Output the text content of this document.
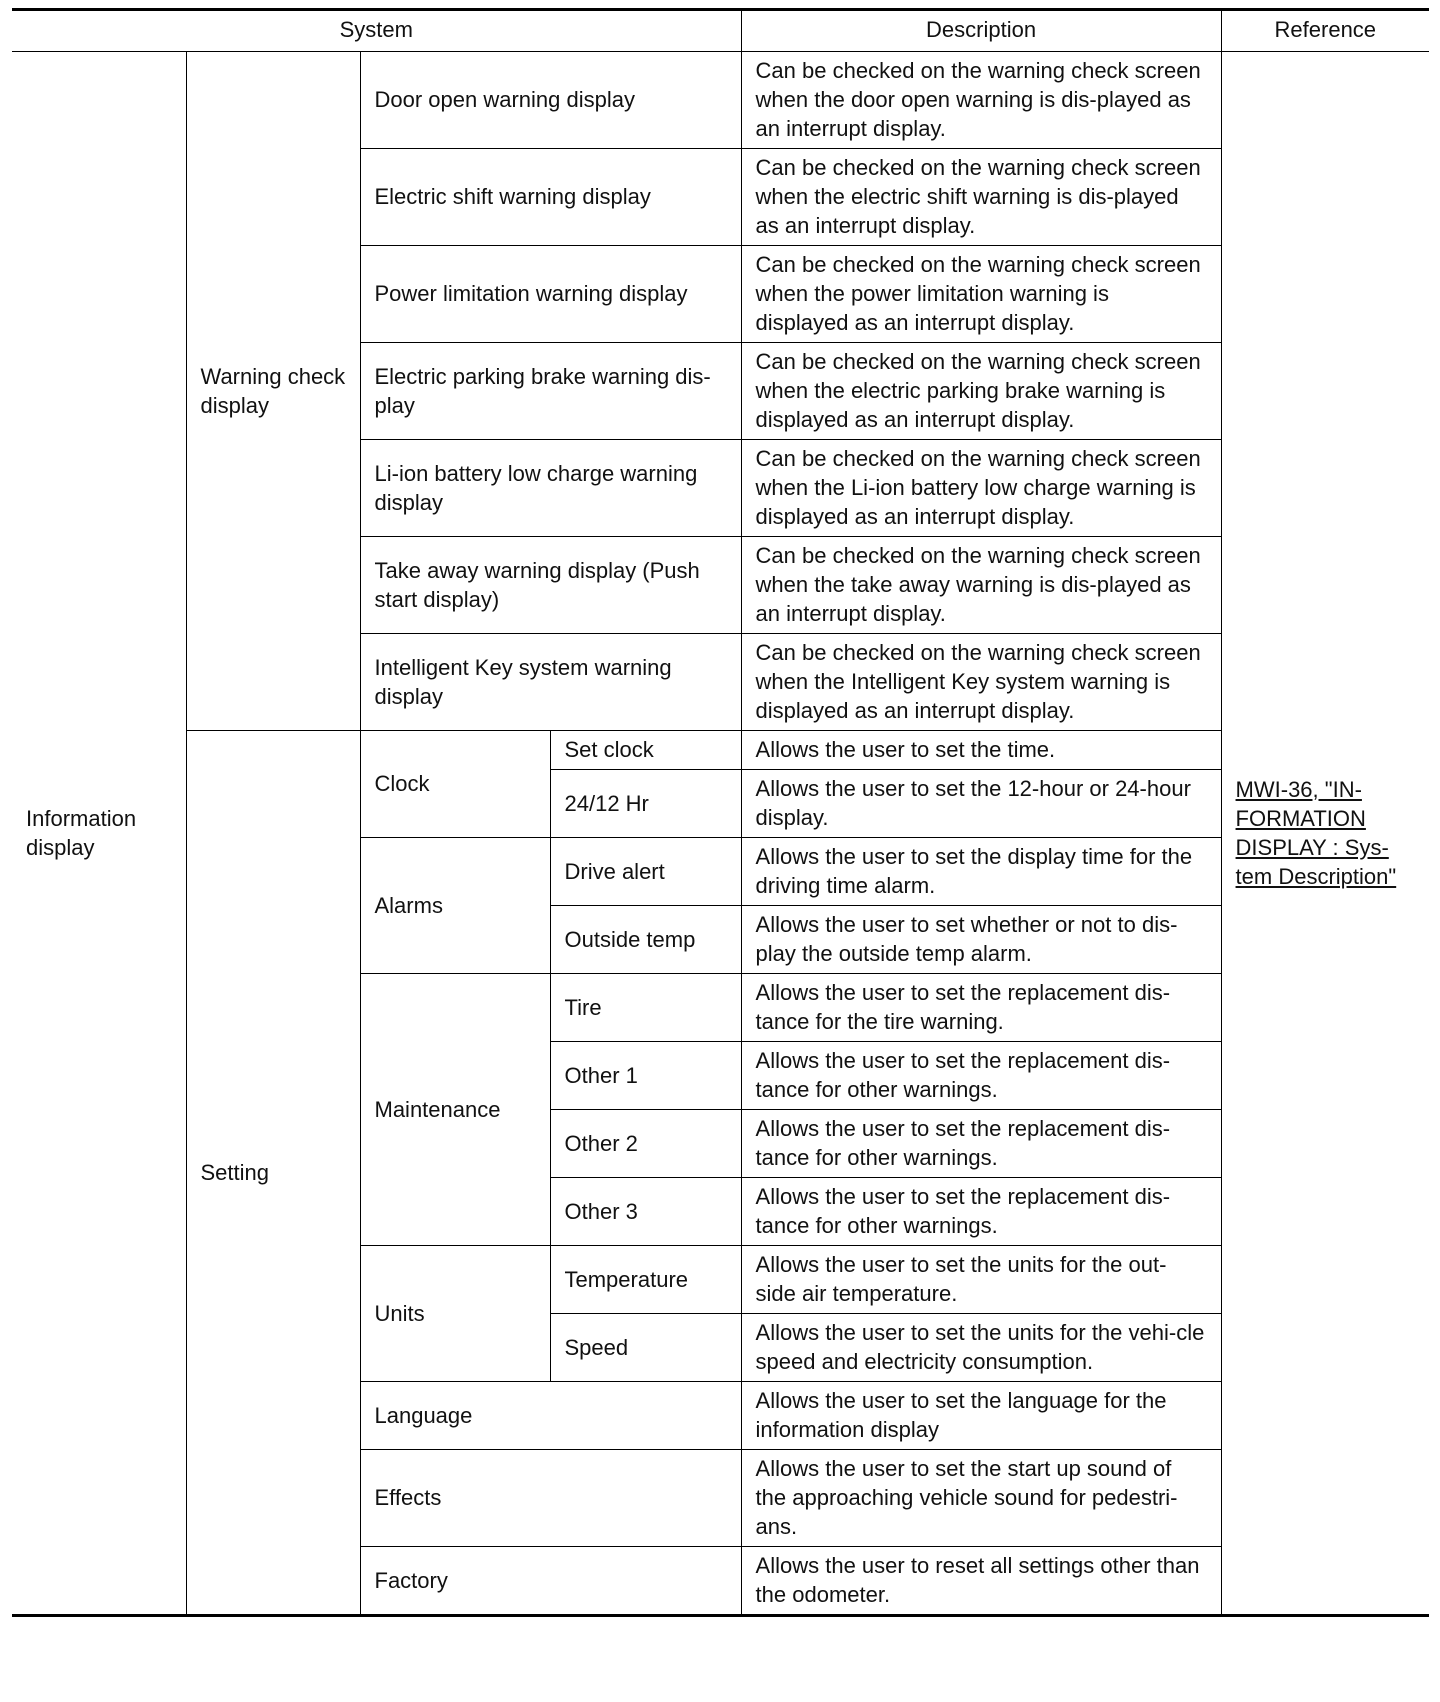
System				Description	Reference
Information display	Warning check display	Door open warning display		Can be checked on the warning check screen when the door open warning is dis-played as an interrupt display.	MWI-36, "IN-FORMATION DISPLAY : Sys-tem Description"
		Electric shift warning display		Can be checked on the warning check screen when the electric shift warning is dis-played as an interrupt display.	
		Power limitation warning display		Can be checked on the warning check screen when the power limitation warning is displayed as an interrupt display.	
		Electric parking brake warning dis-play		Can be checked on the warning check screen when the electric parking brake warning is displayed as an interrupt display.	
		Li-ion battery low charge warning display		Can be checked on the warning check screen when the Li-ion battery low charge warning is displayed as an interrupt display.	
		Take away warning display (Push start display)		Can be checked on the warning check screen when the take away warning is dis-played as an interrupt display.	
		Intelligent Key system warning display		Can be checked on the warning check screen when the Intelligent Key system warning is displayed as an interrupt display.	
	Setting	Clock	Set clock	Allows the user to set the time.	
			24/12 Hr	Allows the user to set the 12-hour or 24-hour display.	
		Alarms	Drive alert	Allows the user to set the display time for the driving time alarm.	
			Outside temp	Allows the user to set whether or not to dis-play the outside temp alarm.	
		Maintenance	Tire	Allows the user to set the replacement dis-tance for the tire warning.	
			Other 1	Allows the user to set the replacement dis-tance for other warnings.	
			Other 2	Allows the user to set the replacement dis-tance for other warnings.	
			Other 3	Allows the user to set the replacement dis-tance for other warnings.	
		Units	Temperature	Allows the user to set the units for the out-side air temperature.	
			Speed	Allows the user to set the units for the vehi-cle speed and electricity consumption.	
		Language		Allows the user to set the language for the information display	
		Effects		Allows the user to set the start up sound of the approaching vehicle sound for pedestri-ans.	
		Factory		Allows the user to reset all settings other than the odometer.	
